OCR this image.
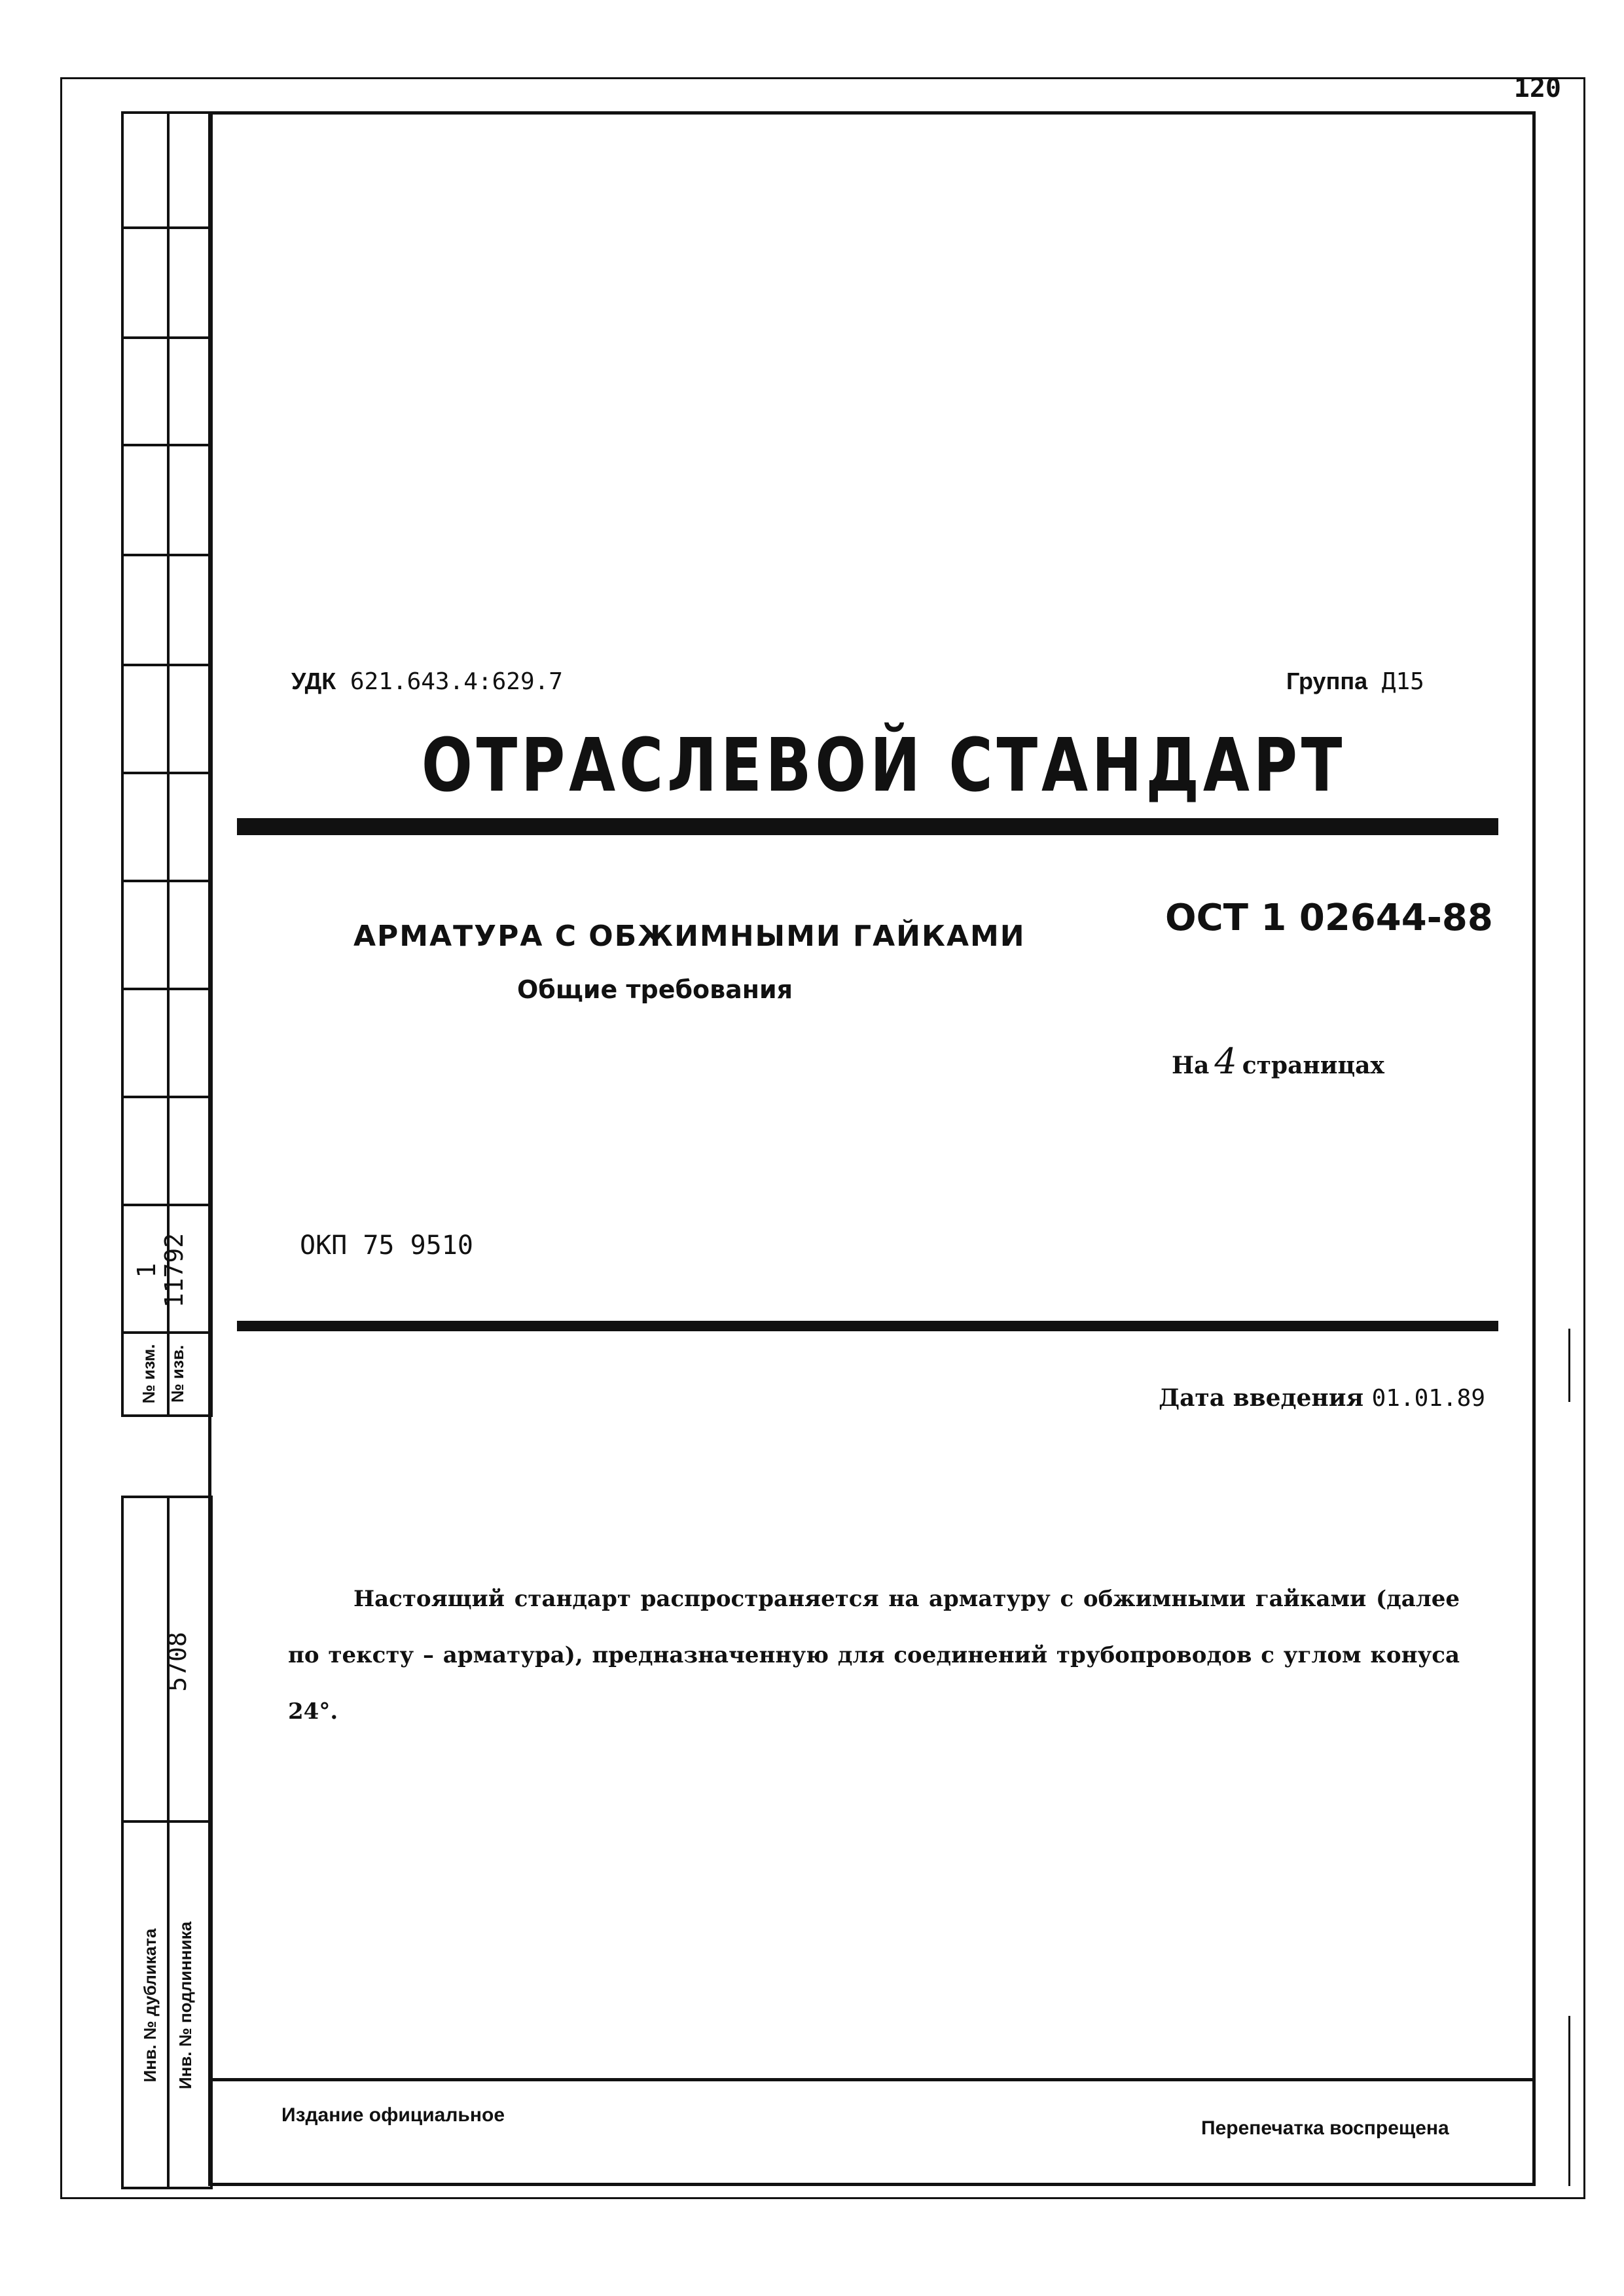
120
1
11792
№ изм. № изв.
5708
Инв. № дубликата Инв. № подлинника
УДК 621.643.4:629.7	Группа Д15
ОТРАСЛЕВОЙ СТАНДАРТ
АРМАТУРА С ОБЖИМНЫМИ ГАЙКАМИ
Общие требования
ОСТ 1 02644-88
На 4 страницах
ОКП 75 9510
Дата введения 01.01.89

Настоящий стандарт распространяется на арматуру с обжимными гайками (далее по тексту – арматура), предназначенную для соединений трубопроводов с углом конуса 24°.

Издание официальное
Перепечатка воспрещена
